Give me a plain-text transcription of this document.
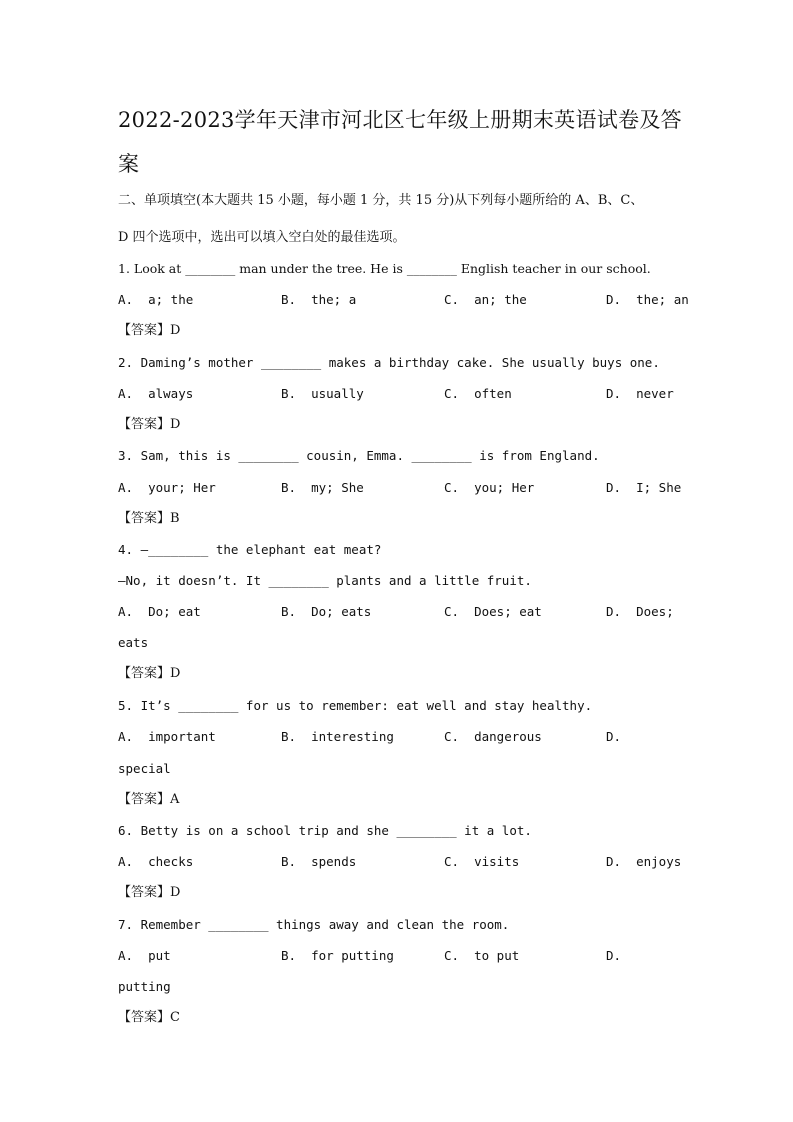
2022-2023学年天津市河北区七年级上册期末英语试卷及答案
二、单项填空(本大题共 15 小题，每小题 1 分，共 15 分)从下列每小题所给的 A、B、C、
D 四个选项中，选出可以填入空白处的最佳选项。
1. Look at ________ man under the tree. He is ________ English teacher in our school.
A.  a; the	B.  the; a	C.  an; the	D.  the; an
【答案】D
2. Daming’s mother ________ makes a birthday cake. She usually buys one.
A.  always	B.  usually	C.  often	D.  never
【答案】D
3. Sam, this is ________ cousin, Emma. ________ is from England.
A.  your; Her	B.  my; She	C.  you; Her	D.  I; She
【答案】B
4. —________ the elephant eat meat?
—No, it doesn’t. It ________ plants and a little fruit.
A.  Do; eat	B.  Do; eats	C.  Does; eat	D.  Does;
eats
【答案】D
5. It’s ________ for us to remember: eat well and stay healthy.
A.  important	B.  interesting	C.  dangerous	D.
special
【答案】A
6. Betty is on a school trip and she ________ it a lot.
A.  checks	B.  spends	C.  visits	D.  enjoys
【答案】D
7. Remember ________ things away and clean the room.
A.  put	B.  for putting	C.  to put	D.
putting
【答案】C
